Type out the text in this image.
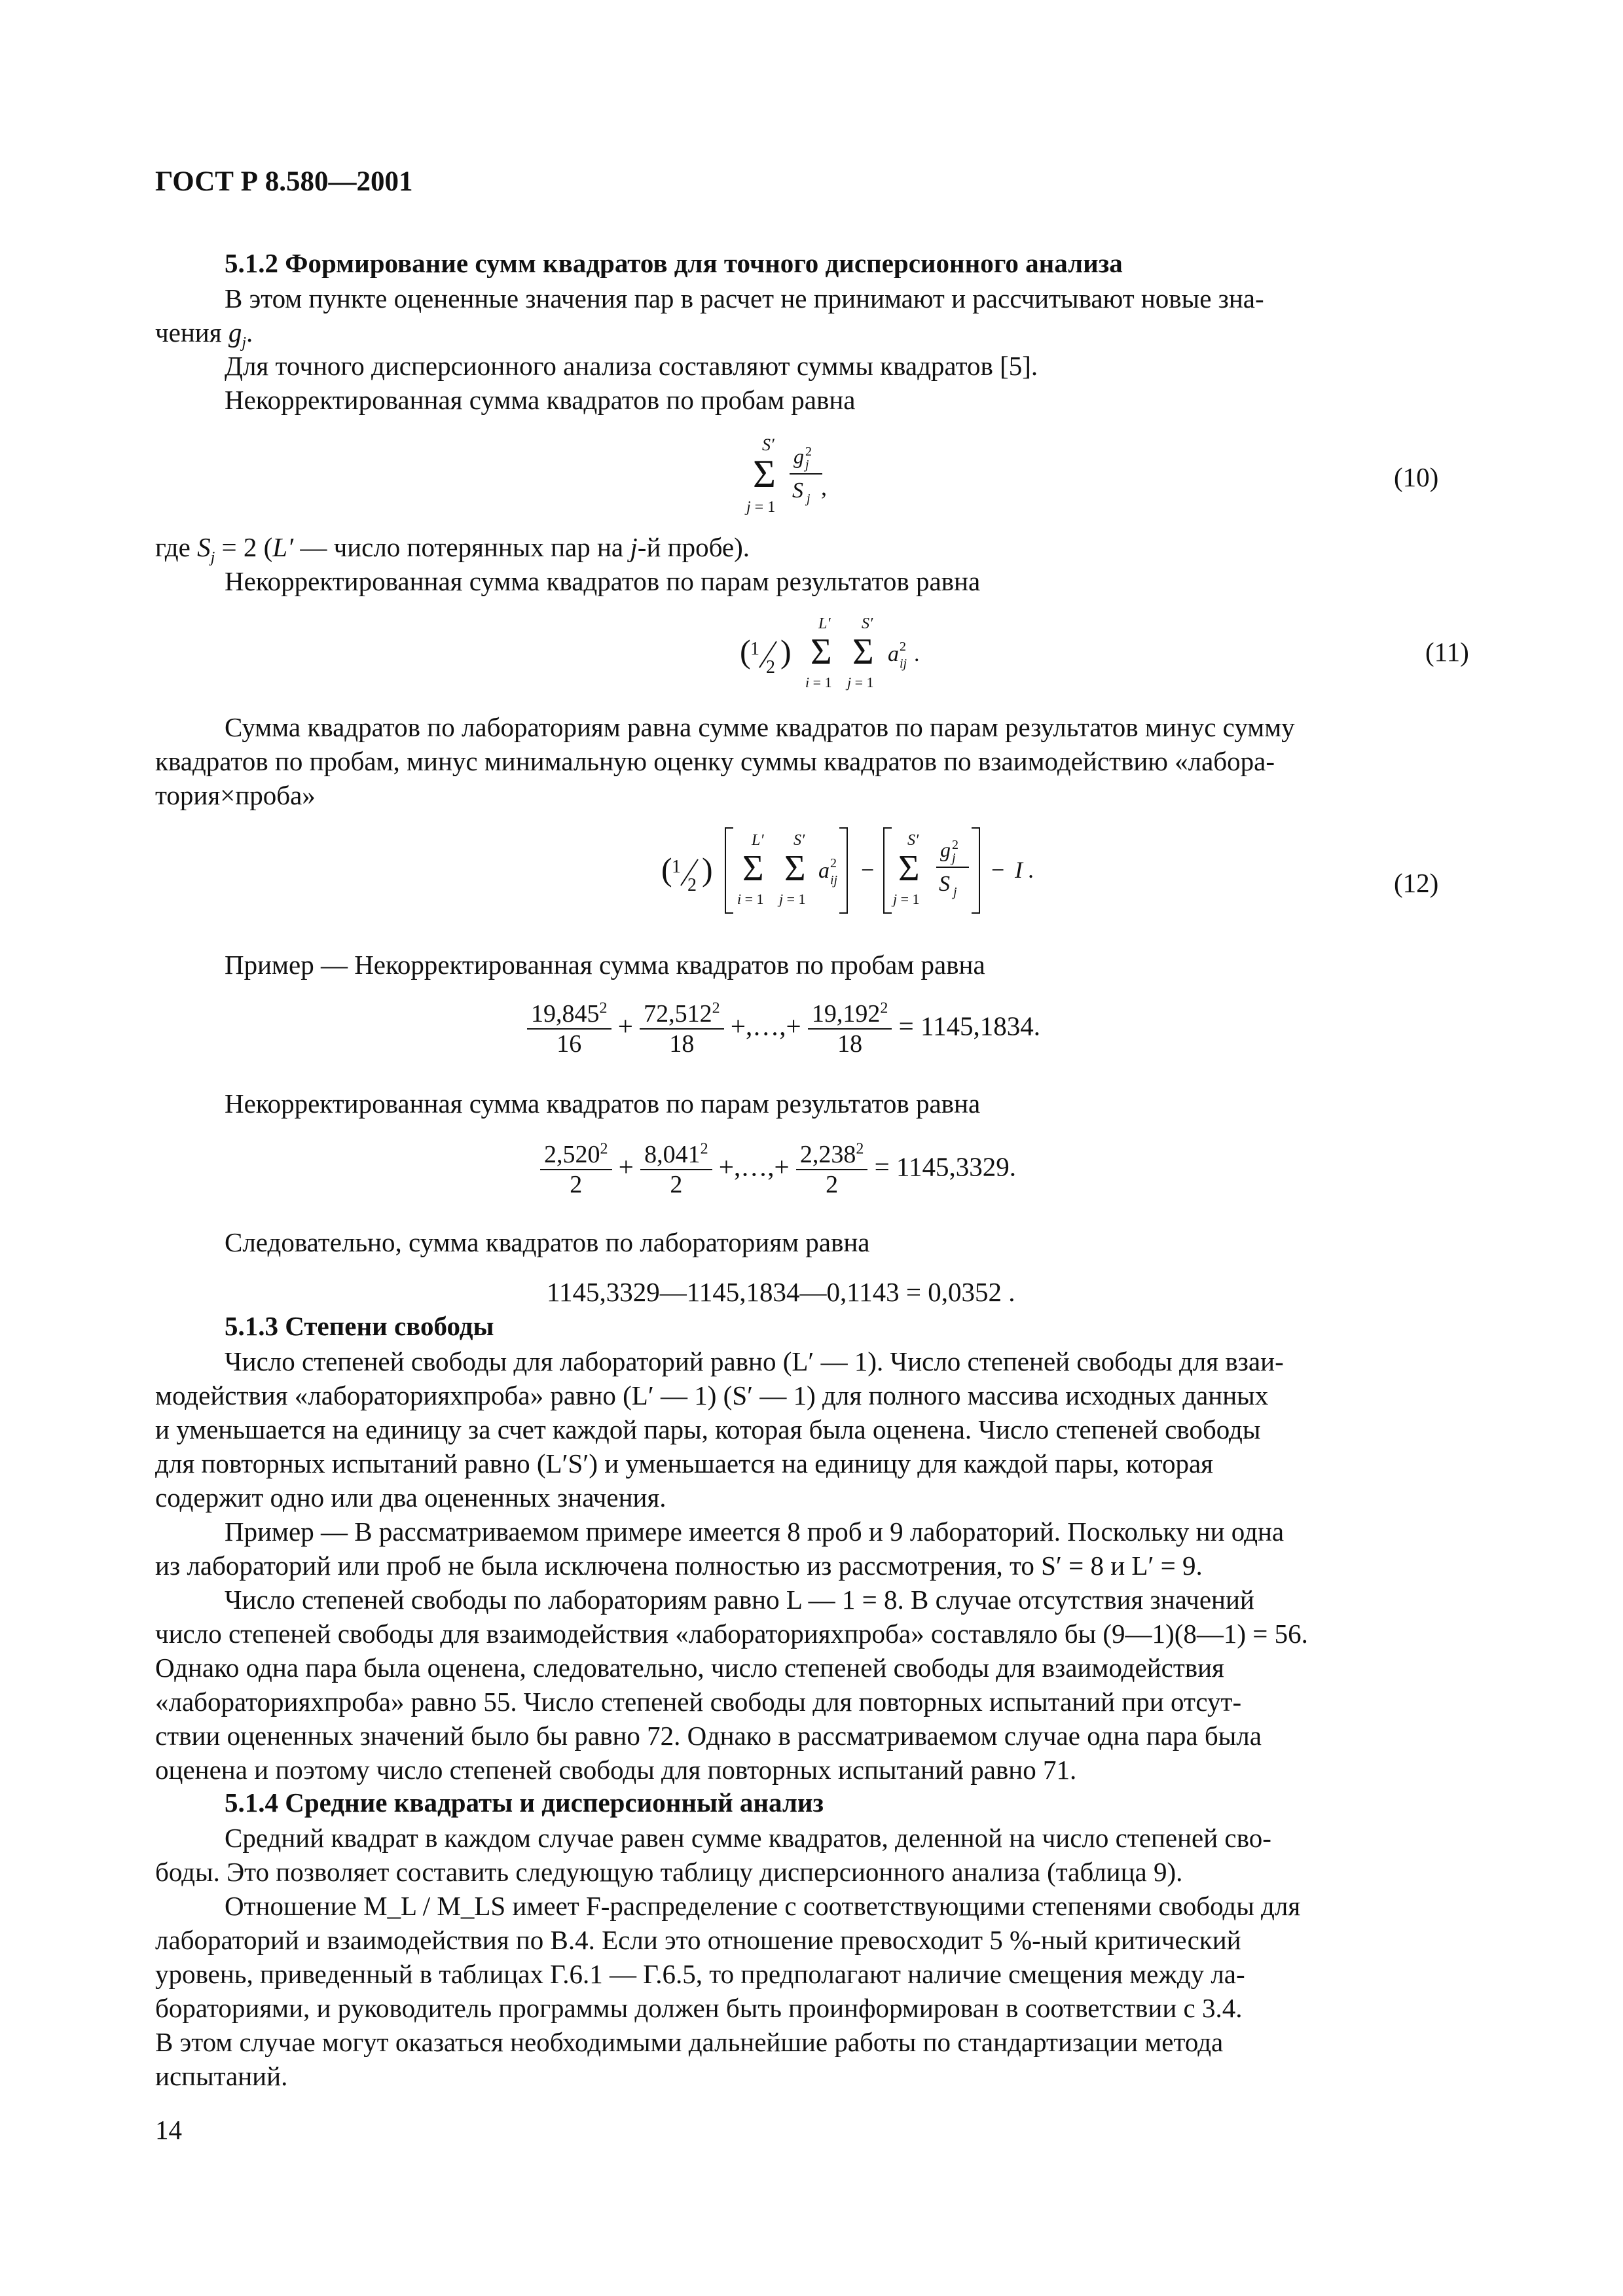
ГОСТ Р 8.580—2001
5.1.2 Формирование сумм квадратов для точного дисперсионного анализа
В этом пункте оцененные значения пар в расчет не принимают и рассчитывают новые зна-
чения $g_j$.
Для точного дисперсионного анализа составляют суммы квадратов [5].
Некорректированная сумма квадратов по пробам равна
S′
Σ
j = 1
g j
2
S j ,	(10)
где $S_j = 2$ (L′ — число потерянных пар на j-й пробе).
Некорректированная сумма квадратов по парам результатов равна
( 1
2 )
L′
Σ
i = 1
S′
Σ
j = 1
a ij
2 .	(11)
Сумма квадратов по лабораториям равна сумме квадратов по парам результатов минус сумму
квадратов по пробам, минус минимальную оценку суммы квадратов по взаимодействию «лабора-
тория×проба»
( 1
2 )
L′
Σ
i = 1
S′
Σ
j = 1
a ij
2 −
S′
Σ
j = 1
g j
2
S j
− I .	(12)
Пример — Некорректированная сумма квадратов по пробам равна
$\frac{19,845^2}{16} + \frac{72,512^2}{18}$ +,…,+ $\frac{19,192^2}{18} = 1145,1834$.
Некорректированная сумма квадратов по парам результатов равна
$\frac{2,520^2}{2} + \frac{8,041^2}{2}$ +,…,+ $\frac{2,238^2}{2} = 1145,3329$.
Следовательно, сумма квадратов по лабораториям равна
1145,3329—1145,1834—0,1143 = 0,0352 .
5.1.3 Степени свободы
Число степеней свободы для лабораторий равно (L′ — 1). Число степеней свободы для взаи-
модействия «лабораторияхпроба» равно (L′ — 1) (S′ — 1) для полного массива исходных данных
и уменьшается на единицу за счет каждой пары, которая была оценена. Число степеней свободы
для повторных испытаний равно (L′S′) и уменьшается на единицу для каждой пары, которая
содержит одно или два оцененных значения.
Пример — В рассматриваемом примере имеется 8 проб и 9 лабораторий. Поскольку ни одна
из лабораторий или проб не была исключена полностью из рассмотрения, то S′ = 8 и L′ = 9.
Число степеней свободы по лабораториям равно L — 1 = 8. В случае отсутствия значений
число степеней свободы для взаимодействия «лабораторияхпроба» составляло бы (9—1)(8—1) = 56.
Однако одна пара была оценена, следовательно, число степеней свободы для взаимодействия
«лабораторияхпроба» равно 55. Число степеней свободы для повторных испытаний при отсут-
ствии оцененных значений было бы равно 72. Однако в рассматриваемом случае одна пара была
оценена и поэтому число степеней свободы для повторных испытаний равно 71.
5.1.4 Средние квадраты и дисперсионный анализ
Средний квадрат в каждом случае равен сумме квадратов, деленной на число степеней сво-
боды. Это позволяет составить следующую таблицу дисперсионного анализа (таблица 9).
Отношение M_L / M_LS имеет F-распределение с соответствующими степенями свободы для
лабораторий и взаимодействия по В.4. Если это отношение превосходит 5 %-ный критический
уровень, приведенный в таблицах Г.6.1 — Г.6.5, то предполагают наличие смещения между ла-
бораториями, и руководитель программы должен быть проинформирован в соответствии с 3.4.
В этом случае могут оказаться необходимыми дальнейшие работы по стандартизации метода
испытаний.
14
